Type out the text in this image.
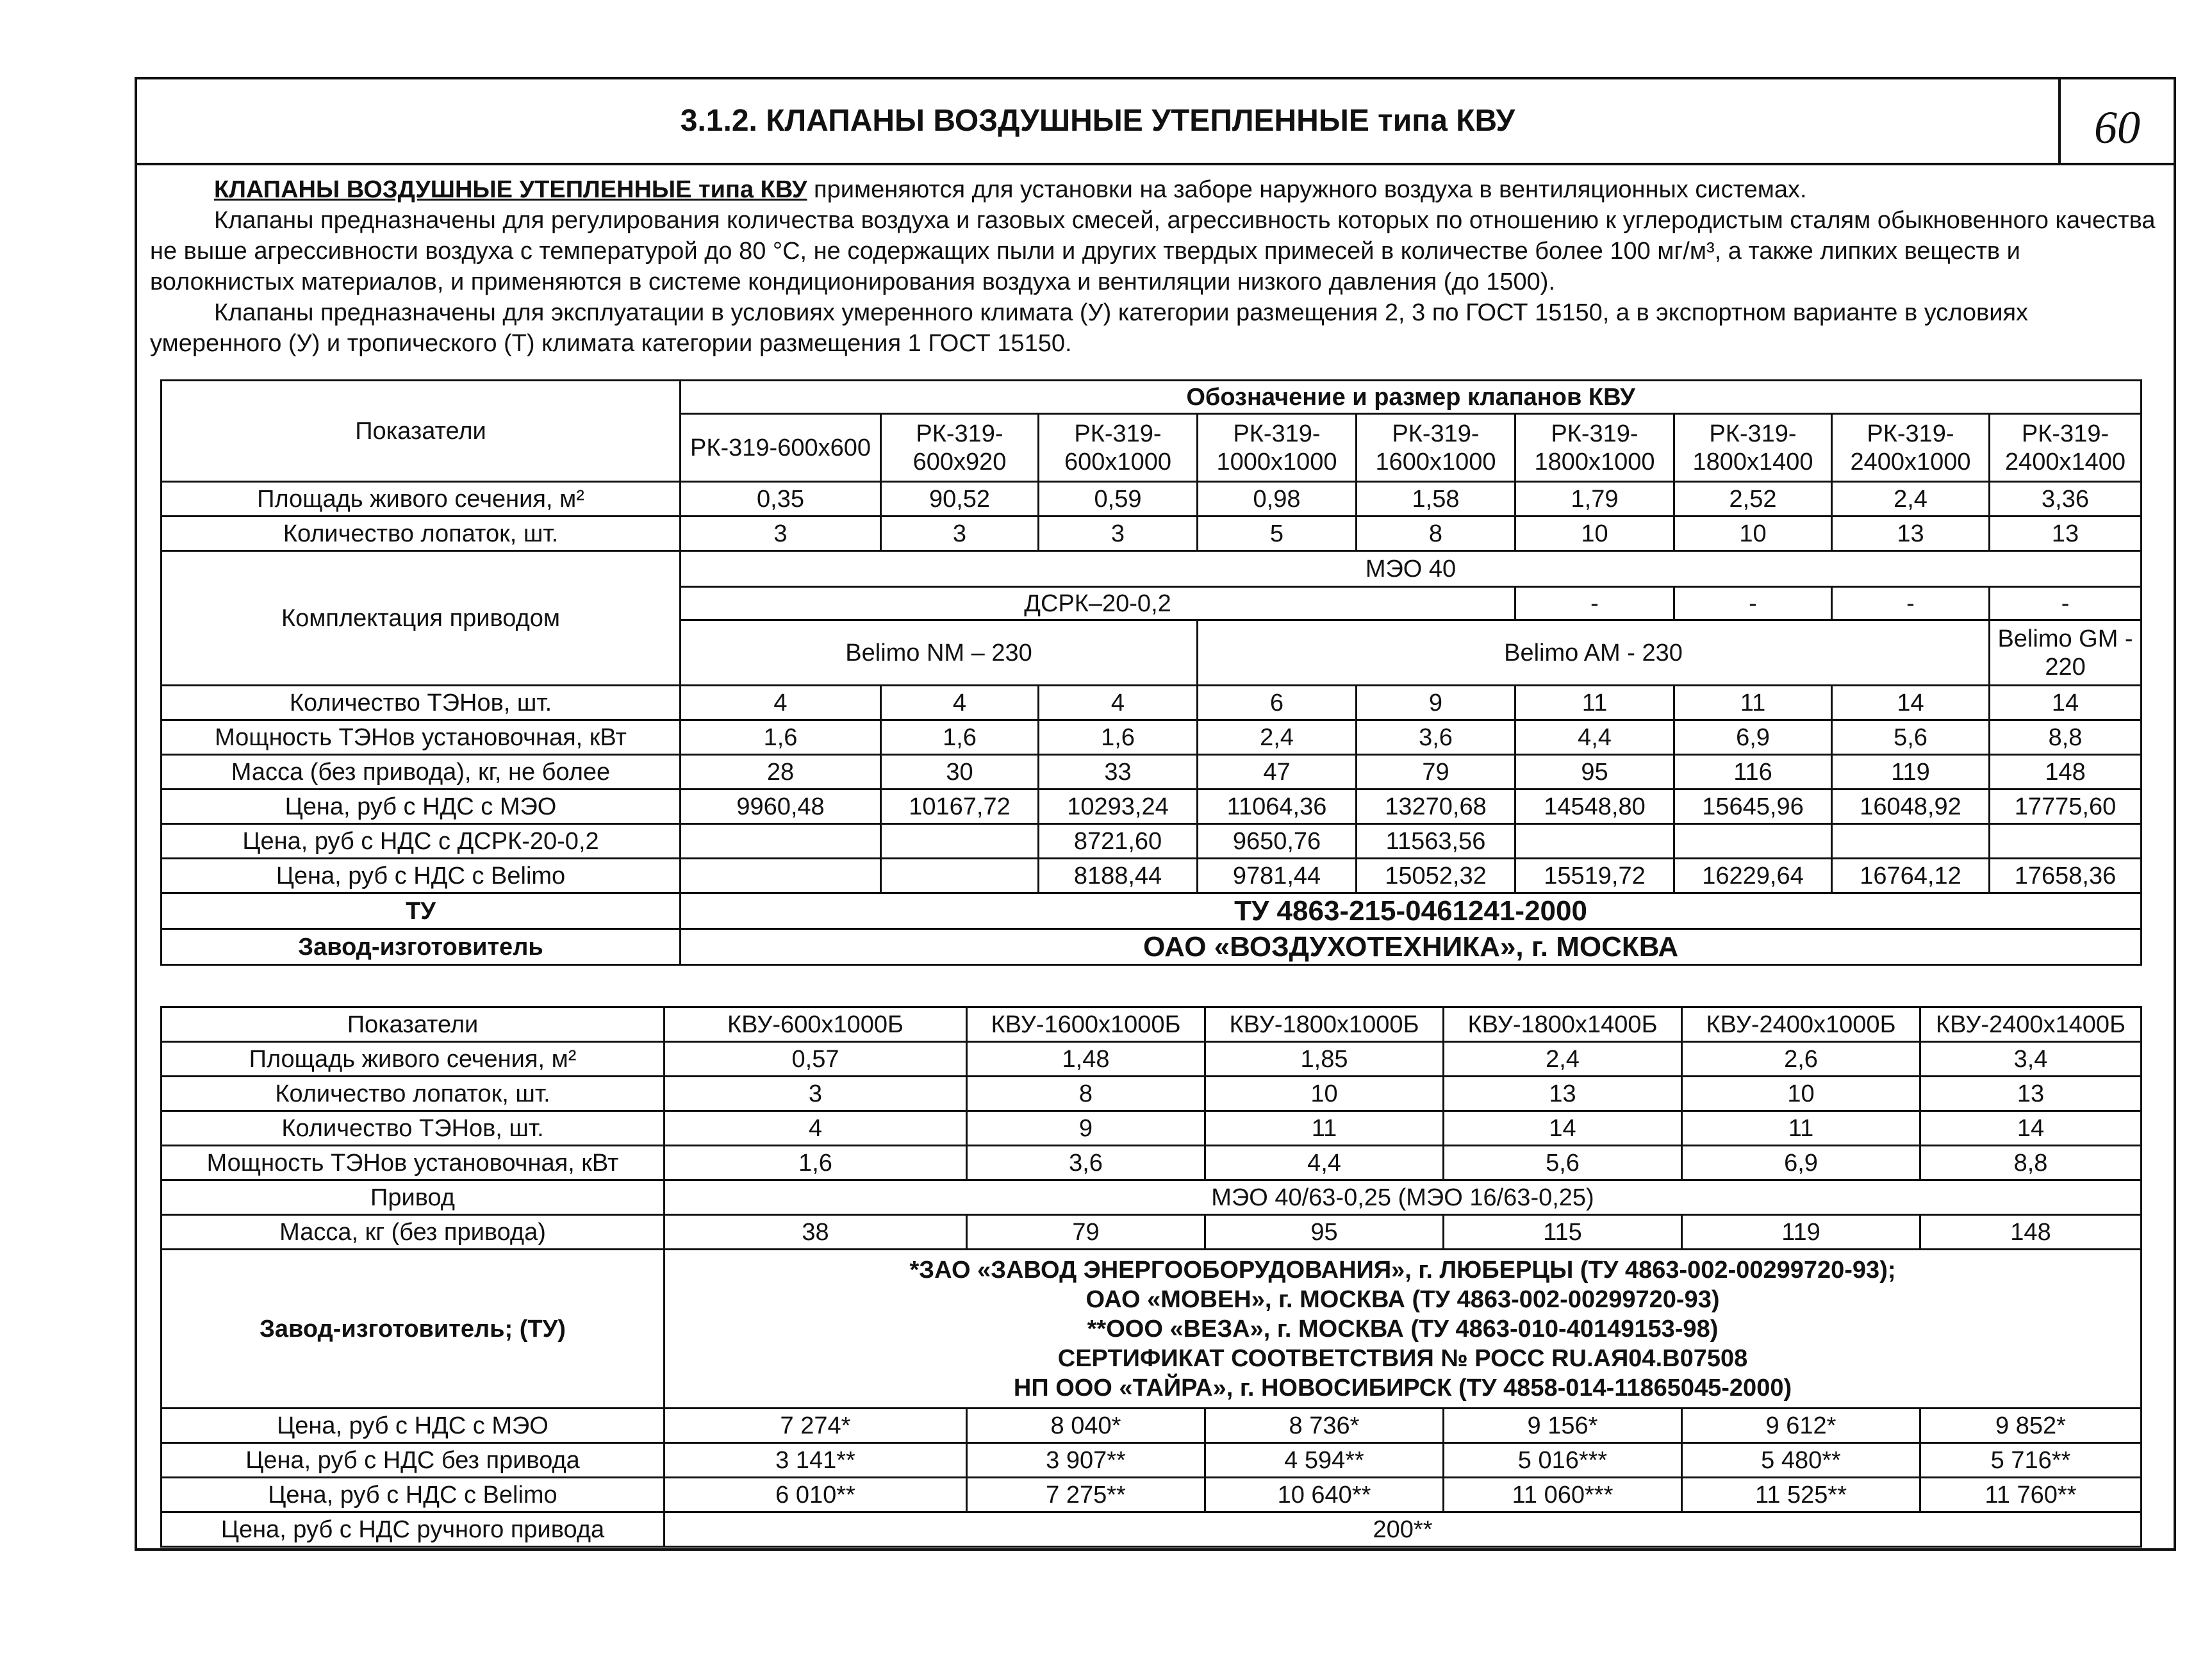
3.1.2. КЛАПАНЫ ВОЗДУШНЫЕ УТЕПЛЕННЫЕ типа КВУ	60

КЛАПАНЫ ВОЗДУШНЫЕ УТЕПЛЕННЫЕ типа КВУ применяются для установки на заборе наружного воздуха в вентиляционных системах.

Клапаны предназначены для регулирования количества воздуха и газовых смесей, агрессивность которых по отношению к углеродистым сталям обыкновенного качества не выше агрессивности воздуха с температурой до 80 °С, не содержащих пыли и других твердых примесей в количестве более 100 мг/м³, а также липких веществ и волокнистых материалов, и применяются в системе кондиционирования воздуха и вентиляции низкого давления (до 1500).

Клапаны предназначены для эксплуатации в условиях умеренного климата (У) категории размещения 2, 3 по ГОСТ 15150, а в экспортном варианте в условиях умеренного (У) и тропического (Т) климата категории размещения 1 ГОСТ 15150.

Показатели	Обозначение и размер клапанов КВУ								
	РК-319-600х600	РК-319-600х920	РК-319-600х1000	РК-319-1000х1000	РК-319-1600х1000	РК-319-1800х1000	РК-319-1800х1400	РК-319-2400х1000	РК-319-2400х1400
Площадь живого сечения, м²	0,35	90,52	0,59	0,98	1,58	1,79	2,52	2,4	3,36
Количество лопаток, шт.	3	3	3	5	8	10	10	13	13
Комплектация приводом	МЭО 40								
	ДСРК–20-0,2					-	-	-	-
	Belimo NM – 230			Belimo AM - 230					Belimo GM - 220
Количество ТЭНов, шт.	4	4	4	6	9	11	11	14	14
Мощность ТЭНов установочная, кВт	1,6	1,6	1,6	2,4	3,6	4,4	6,9	5,6	8,8
Масса (без привода), кг, не более	28	30	33	47	79	95	116	119	148
Цена, руб с НДС с МЭО	9960,48	10167,72	10293,24	11064,36	13270,68	14548,80	15645,96	16048,92	17775,60
Цена, руб с НДС с ДСРК-20-0,2			8721,60	9650,76	11563,56				
Цена, руб с НДС с Belimo			8188,44	9781,44	15052,32	15519,72	16229,64	16764,12	17658,36
ТУ	ТУ 4863-215-0461241-2000								
Завод-изготовитель	ОАО «ВОЗДУХОТЕХНИКА», г. МОСКВА								
Показатели	КВУ-600х1000Б	КВУ-1600х1000Б	КВУ-1800х1000Б	КВУ-1800х1400Б	КВУ-2400х1000Б	КВУ-2400х1400Б
Площадь живого сечения, м²	0,57	1,48	1,85	2,4	2,6	3,4
Количество лопаток, шт.	3	8	10	13	10	13
Количество ТЭНов, шт.	4	9	11	14	11	14
Мощность ТЭНов установочная, кВт	1,6	3,6	4,4	5,6	6,9	8,8
Привод	МЭО 40/63-0,25 (МЭО 16/63-0,25)					
Масса, кг (без привода)	38	79	95	115	119	148
Завод-изготовитель; (ТУ)	*ЗАО «ЗАВОД ЭНЕРГООБОРУДОВАНИЯ», г. ЛЮБЕРЦЫ (ТУ 4863-002-00299720-93);
ОАО «МОВЕН», г. МОСКВА (ТУ 4863-002-00299720-93)
**ООО «ВЕЗА», г. МОСКВА (ТУ 4863-010-40149153-98)
СЕРТИФИКАТ СООТВЕТСТВИЯ № РОСС RU.АЯ04.В07508
НП ООО «ТАЙРА», г. НОВОСИБИРСК (ТУ 4858-014-11865045-2000)					

Цена, руб с НДС с МЭО	7 274*	8 040*	8 736*	9 156*	9 612*	9 852*
Цена, руб с НДС без привода	3 141**	3 907**	4 594**	5 016***	5 480**	5 716**
Цена, руб с НДС с Belimo	6 010**	7 275**	10 640**	11 060***	11 525**	11 760**
Цена, руб с НДС ручного привода	200**					
